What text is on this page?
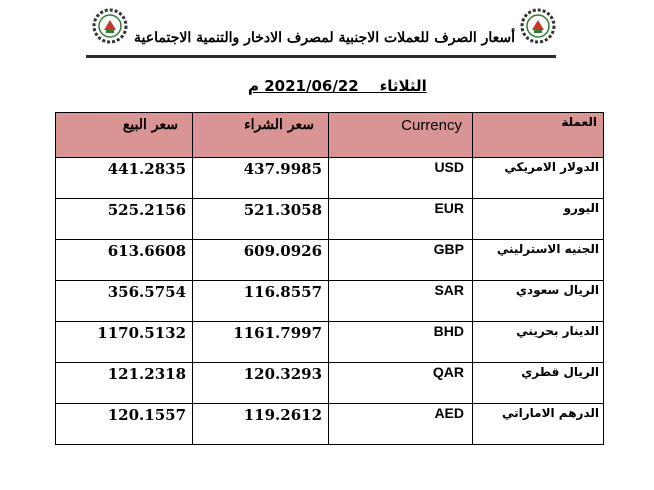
أسعار الصرف للعملات الاجنبية لمصرف الادخار والتنمية الاجتماعية
الثلاثاء    2021/06/22 م
سعر البيع	سعر الشراء	Currency	العملة

441.2835	437.9985	USD	الدولار الامريكي

525.2156	521.3058	EUR	اليورو

613.6608	609.0926	GBP	الجنيه الاسترليني

356.5754	116.8557	SAR	الريال سعودي

1170.5132	1161.7997	BHD	الدينار بحريني

121.2318	120.3293	QAR	الريال قطري

120.1557	119.2612	AED	الدرهم الاماراتي
